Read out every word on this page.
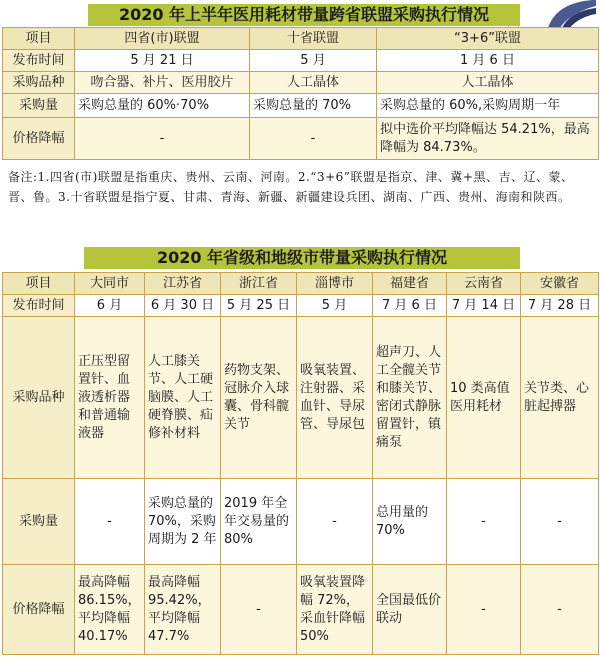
2020 年上半年医用耗材带量跨省联盟采购执行情况
项目	四省(市)联盟	十省联盟	“3+6”联盟
发布时间	5 月 21 日	5 月	1 月 6 日
采购品种	吻合器、补片、医用胶片	人工晶体	人工晶体
采购量	采购总量的 60%·70%	采购总量的 70%	采购总量的 60%,采购周期一年
价格降幅	-	-	拟中选价平均降幅达 54.21%，最高降幅为 84.73%。
备注:1.四省(市)联盟是指重庆、贵州、云南、河南。2.“3+6”联盟是指京、津、冀+黑、吉、辽、蒙、晋、鲁。3.十省联盟是指宁夏、甘肃、青海、新疆、新疆建设兵团、湖南、广西、贵州、海南和陕西。
2020 年省级和地级市带量采购执行情况
项目	大同市	江苏省	浙江省	淄博市	福建省	云南省	安徽省
发布时间	6 月	6 月 30 日	5 月 25 日	5 月	7 月 6 日	7 月 14 日	7 月 28 日
采购品种	正压型留置针、血液透析器和普通输液器	人工膝关节、人工硬脑膜、人工硬脊膜、疝修补材料	药物支架、冠脉介入球囊、骨科髋关节	吸氧装置、注射器、采血针、导尿管、导尿包	超声刀、人工全髋关节和膝关节、密闭式静脉留置针，镇痛泵	10 类高值医用耗材	关节类、心脏起搏器
采购量	-	采购总量的 70%，采购周期为 2 年	2019 年全年交易量的 80%	-	总用量的 70%	-	-
价格降幅	最高降幅 86.15%，平均降幅 40.17%	最高降幅 95.42%，平均降幅 47.7%	-	吸氧装置降幅 72%，采血针降幅 50%	全国最低价联动	-	-
